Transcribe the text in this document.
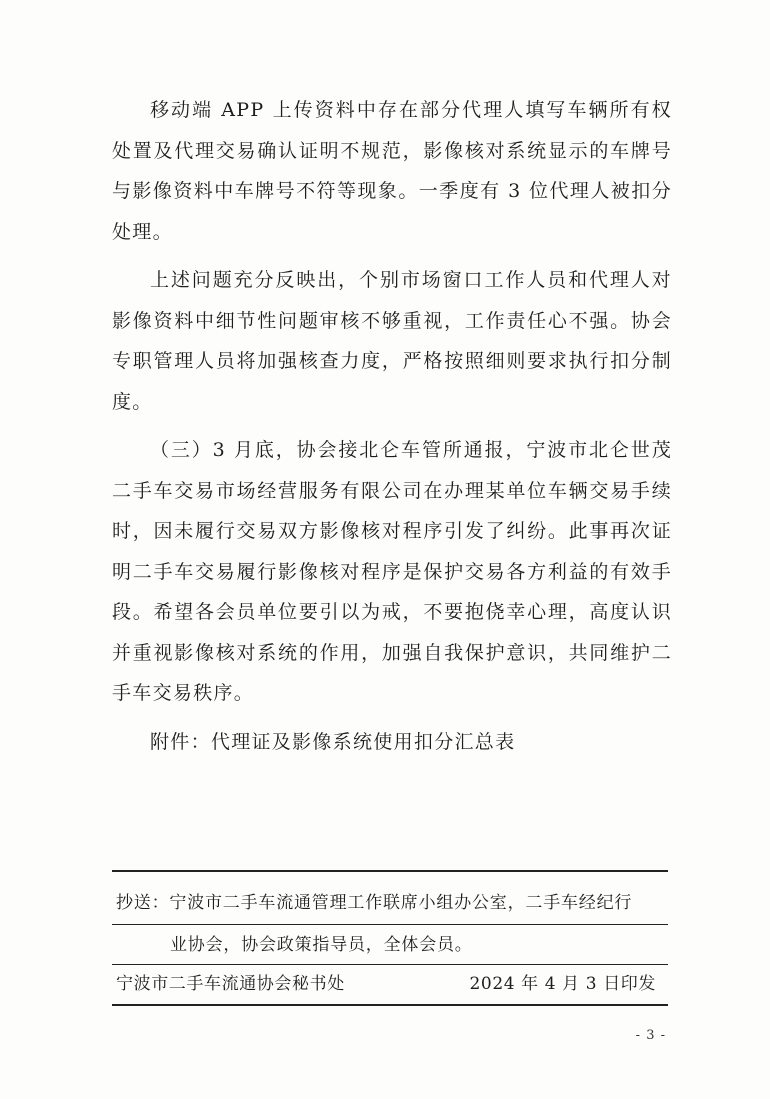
移动端 APP 上传资料中存在部分代理人填写车辆所有权处置及代理交易确认证明不规范，影像核对系统显示的车牌号与影像资料中车牌号不符等现象。一季度有 3 位代理人被扣分处理。

上述问题充分反映出，个别市场窗口工作人员和代理人对影像资料中细节性问题审核不够重视，工作责任心不强。协会专职管理人员将加强核查力度，严格按照细则要求执行扣分制度。

（三）3 月底，协会接北仑车管所通报，宁波市北仑世茂二手车交易市场经营服务有限公司在办理某单位车辆交易手续时，因未履行交易双方影像核对程序引发了纠纷。此事再次证明二手车交易履行影像核对程序是保护交易各方利益的有效手段。希望各会员单位要引以为戒，不要抱侥幸心理，高度认识并重视影像核对系统的作用，加强自我保护意识，共同维护二手车交易秩序。

附件：代理证及影像系统使用扣分汇总表

抄送：宁波市二手车流通管理工作联席小组办公室，二手车经纪行
业协会，协会政策指导员，全体会员。
宁波市二手车流通协会秘书处	2024 年 4 月 3 日印发
- 3 -
